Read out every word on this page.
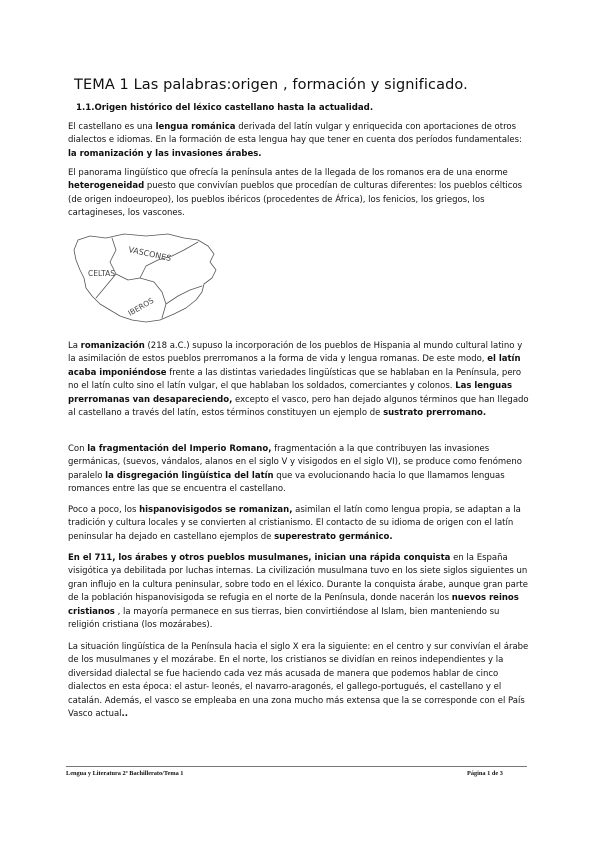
TEMA 1 Las palabras:origen , formación y significado.
1.1.Origen histórico del léxico castellano hasta la actualidad.

El castellano es una lengua románica derivada del latín vulgar y enriquecida con aportaciones de otros dialectos e idiomas. En la formación de esta lengua hay que tener en cuenta dos períodos fundamentales: la romanización y las invasiones árabes.

El panorama lingüístico que ofrecía la península antes de la llegada de los romanos era de una enorme heterogeneidad puesto que convivían pueblos que procedían de culturas diferentes: los pueblos célticos (de origen indoeuropeo), los pueblos ibéricos (procedentes de África), los fenicios, los griegos, los cartagineses, los vascones.

VASCONES
CELTAS
IBEROS

La romanización (218 a.C.) supuso la incorporación de los pueblos de Hispania al mundo cultural latino y la asimilación de estos pueblos prerromanos a la forma de vida y lengua romanas. De este modo, el latín acaba imponiéndose frente a las distintas variedades lingüísticas que se hablaban en la Península, pero no el latín culto sino el latín vulgar, el que hablaban los soldados, comerciantes y colonos. Las lenguas prerromanas van desapareciendo, excepto el vasco, pero han dejado algunos términos que han llegado al castellano a través del latín, estos términos constituyen un ejemplo de sustrato prerromano.

Con la fragmentación del Imperio Romano, fragmentación a la que contribuyen las invasiones germánicas, (suevos, vándalos, alanos en el siglo V y visigodos en el siglo VI), se produce como fenómeno paralelo la disgregación lingüística del latín que va evolucionando hacia lo que llamamos lenguas romances entre las que se encuentra el castellano.

Poco a poco, los hispanovisigodos se romanizan, asimilan el latín como lengua propia, se adaptan a la tradición y cultura locales y se convierten al cristianismo. El contacto de su idioma de origen con el latín peninsular ha dejado en castellano ejemplos de superestrato germánico.

En el 711, los árabes y otros pueblos musulmanes, inician una rápida conquista en la España visigótica ya debilitada por luchas internas. La civilización musulmana tuvo en los siete siglos siguientes un gran influjo en la cultura peninsular, sobre todo en el léxico. Durante la conquista árabe, aunque gran parte de la población hispanovisigoda se refugia en el norte de la Península, donde nacerán los nuevos reinos cristianos , la mayoría permanece en sus tierras, bien convirtiéndose al Islam, bien manteniendo su religión cristiana (los mozárabes).

La situación lingüística de la Península hacia el siglo X era la siguiente: en el centro y sur convivían el árabe de los musulmanes y el mozárabe. En el norte, los cristianos se dividían en reinos independientes y la diversidad dialectal se fue haciendo cada vez más acusada de manera que podemos hablar de cinco dialectos en esta época: el astur- leonés, el navarro-aragonés, el gallego-portugués, el castellano y el catalán. Además, el vasco se empleaba en una zona mucho más extensa que la se corresponde con el País Vasco actual..

Lengua y Literatura 2º Bachillerato/Tema 1	Página 1 de 3
